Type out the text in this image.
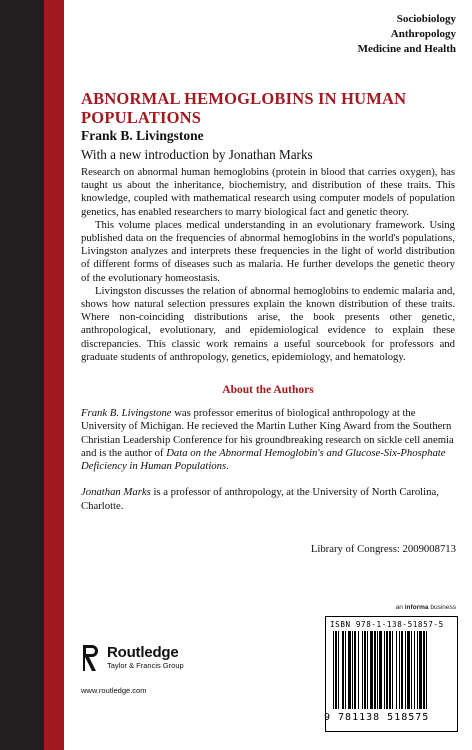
Sociobiology
Anthropology
Medicine and Health
ABNORMAL HEMOGLOBINS IN HUMAN POPULATIONS
Frank B. Livingstone
With a new introduction by Jonathan Marks

Research on abnormal human hemoglobins (protein in blood that carries oxygen), has taught us about the inheritance, biochemistry, and distribution of these traits. This knowledge, coupled with mathematical research using computer models of population genetics, has enabled researchers to marry biological fact and genetic theory.

This volume places medical understanding in an evolutionary framework. Using published data on the frequencies of abnormal hemoglobins in the world's populations, Livingston analyzes and interprets these frequencies in the light of world distribution of different forms of diseases such as malaria. He further develops the genetic theory of the evolutionary homeostasis.

Livingston discusses the relation of abnormal hemoglobins to endemic malaria and, shows how natural selection pressures explain the known distribution of these traits. Where non-coinciding distributions arise, the book presents other genetic, anthropological, evolutionary, and epidemiological evidence to explain these discrepancies. This classic work remains a useful sourcebook for professors and graduate students of anthropology, genetics, epidemiology, and hematology.

About the Authors

Frank B. Livingstone was professor emeritus of biological anthropology at the University of Michigan. He recieved the Martin Luther King Award from the Southern Christian Leadership Conference for his groundbreaking research on sickle cell anemia and is the author of Data on the Abnormal Hemoglobin's and Glucose-Six-Phosphate Deficiency in Human Populations.

Jonathan Marks is a professor of anthropology, at the University of North Carolina, Charlotte.

Library of Congress: 2009008713
an informa business
ISBN 978-1-138-51857-5
9 781138 518575
Routledge
Taylor & Francis Group
www.routledge.com
